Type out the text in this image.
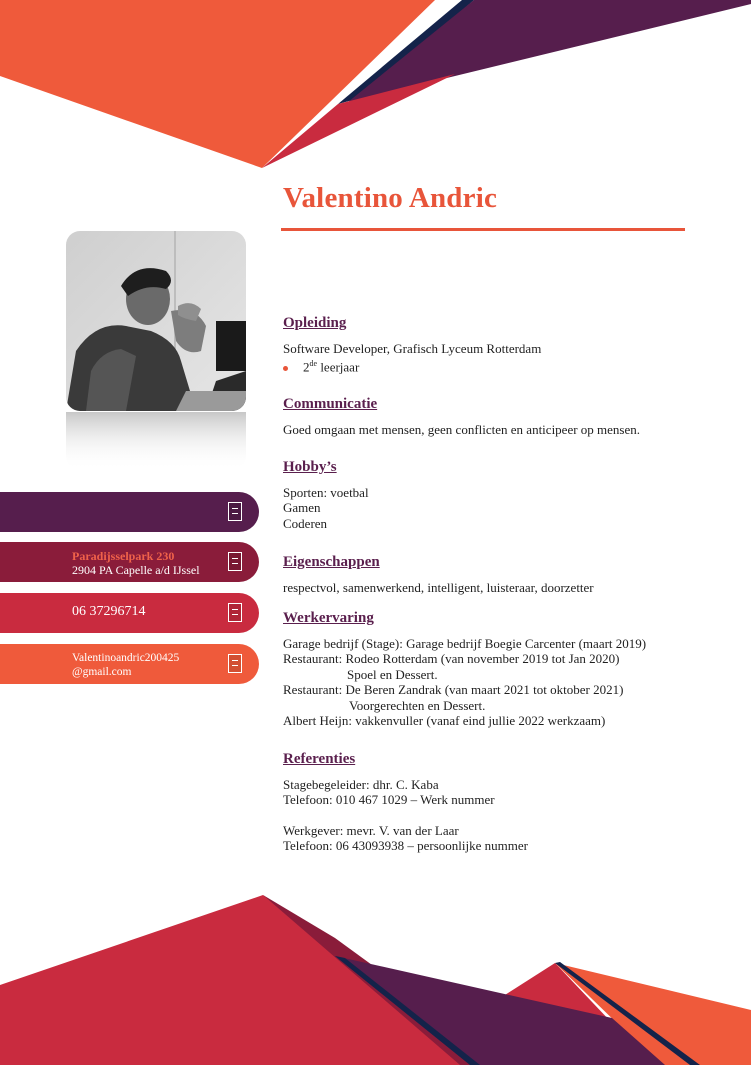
Valentino Andric
Paradijsselpark 230
2904 PA Capelle a/d IJssel
06 37296714
Valentinoandric200425
@gmail.com
Opleiding
Software Developer, Grafisch Lyceum Rotterdam
2de leerjaar
Communicatie
Goed omgaan met mensen, geen conflicten en anticipeer op mensen.
Hobby’s
Sporten: voetbal
Gamen
Coderen
Eigenschappen
respectvol, samenwerkend, intelligent, luisteraar, doorzetter
Werkervaring
Garage bedrijf (Stage): Garage bedrijf Boegie Carcenter (maart 2019)
Restaurant: Rodeo Rotterdam (van november 2019 tot Jan 2020)
Spoel en Dessert.
Restaurant: De Beren Zandrak (van maart 2021 tot oktober 2021)
Voorgerechten en Dessert.
Albert Heijn: vakkenvuller (vanaf eind jullie 2022 werkzaam)
Referenties
Stagebegeleider: dhr. C. Kaba
Telefoon: 010 467 1029 – Werk nummer
Werkgever: mevr. V. van der Laar
Telefoon: 06 43093938 – persoonlijke nummer
